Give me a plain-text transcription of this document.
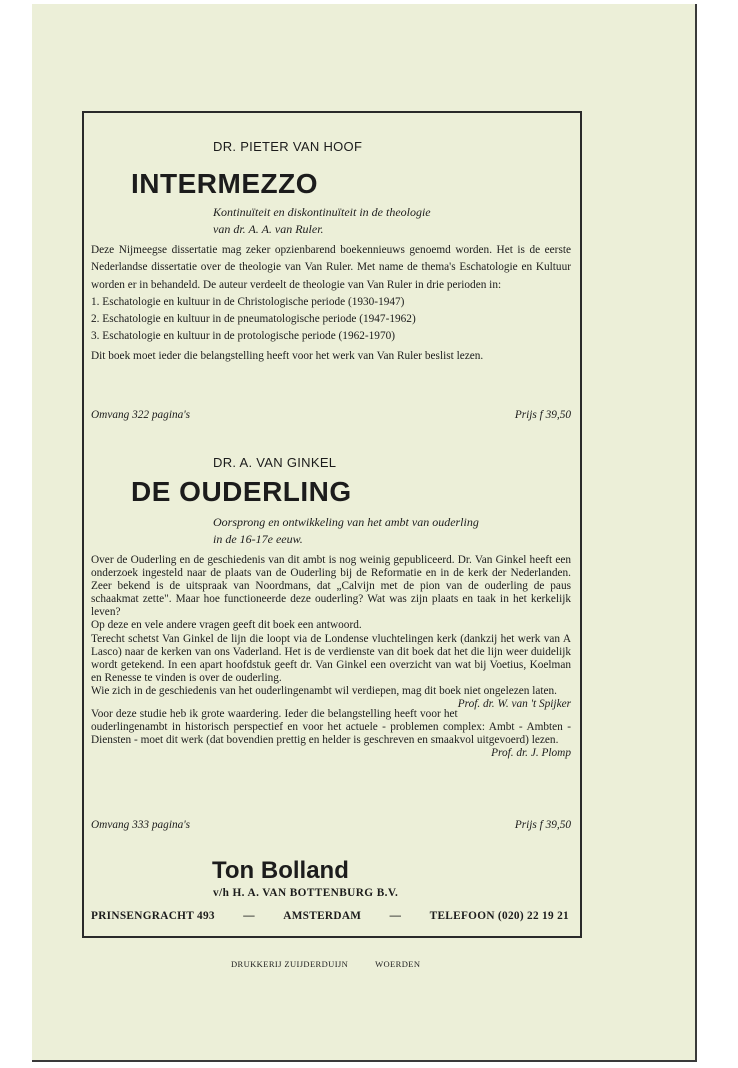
DR. PIETER VAN HOOF
INTERMEZZO
Kontinuïteit en diskontinuïteit in de theologie
van dr. A. A. van Ruler.

Deze Nijmeegse dissertatie mag zeker opzienbarend boekennieuws genoemd worden. Het is de eerste Nederlandse dissertatie over de theologie van Van Ruler. Met name de thema's Eschatologie en Kultuur worden er in behandeld. De auteur verdeelt de theologie van Van Ruler in drie perioden in:

1. Eschatologie en kultuur in de Christologische periode (1930-1947)
2. Eschatologie en kultuur in de pneumatologische periode (1947-1962)
3. Eschatologie en kultuur in de protologische periode (1962-1970)

Dit boek moet ieder die belangstelling heeft voor het werk van Van Ruler beslist lezen.

Omvang 322 pagina's	Prijs f 39,50
DR. A. VAN GINKEL
DE OUDERLING
Oorsprong en ontwikkeling van het ambt van ouderling
in de 16-17e eeuw.

Over de Ouderling en de geschiedenis van dit ambt is nog weinig gepubliceerd. Dr. Van Ginkel heeft een onderzoek ingesteld naar de plaats van de Ouderling bij de Reformatie en in de kerk der Nederlanden. Zeer bekend is de uitspraak van Noordmans, dat „Calvijn met de pion van de ouderling de paus schaakmat zette". Maar hoe functioneerde deze ouderling? Wat was zijn plaats en taak in het kerkelijk leven?

Op deze en vele andere vragen geeft dit boek een antwoord.

Terecht schetst Van Ginkel de lijn die loopt via de Londense vluchtelingen kerk (dankzij het werk van A Lasco) naar de kerken van ons Vaderland. Het is de verdienste van dit boek dat het die lijn weer duidelijk wordt getekend. In een apart hoofdstuk geeft dr. Van Ginkel een overzicht van wat bij Voetius, Koelman en Renesse te vinden is over de ouderling.

Wie zich in de geschiedenis van het ouderlingenambt wil verdiepen, mag dit boek niet ongelezen laten.
Prof. dr. W. van 't Spijker

Voor deze studie heb ik grote waardering. Ieder die belangstelling heeft voor het ouderlingenambt in historisch perspectief en voor het actuele - problemen complex: Ambt - Ambten - Diensten - moet dit werk (dat bovendien prettig en helder is geschreven en smaakvol uitgevoerd) lezen.
Prof. dr. J. Plomp

Omvang 333 pagina's	Prijs f 39,50
Ton Bolland
v/h H. A. VAN BOTTENBURG B.V.
PRINSENGRACHT 493	—	AMSTERDAM	—	TELEFOON (020) 22 19 21
DRUKKERIJ ZUIJDERDUIJN	WOERDEN
